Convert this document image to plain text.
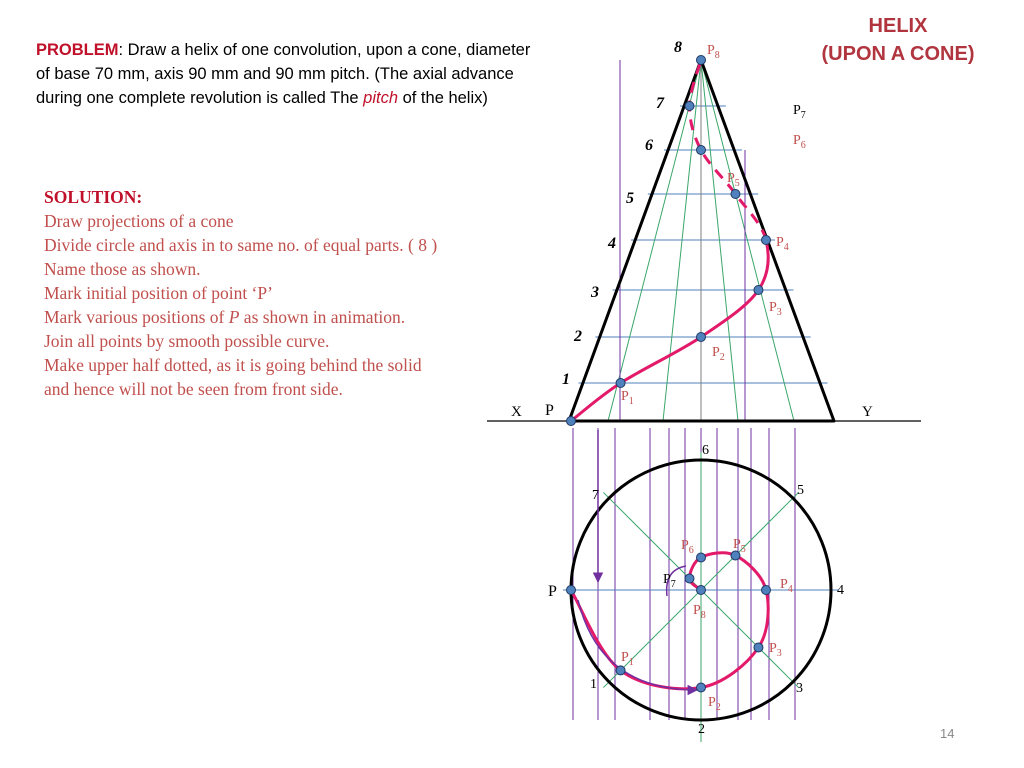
HELIX
(UPON A CONE)
PROBLEM: Draw a helix of one convolution, upon a cone, diameter of base 70 mm, axis 90 mm and 90 mm pitch. (The axial advance during one complete revolution is called The pitch of the helix)
SOLUTION:
Draw projections of a cone
Divide circle and axis in to same no. of equal parts. ( 8 )
Name those as shown.
Mark initial position of point ‘P’
Mark various positions of P as shown in animation.
Join all points by smooth possible curve.
Make upper half dotted, as it is going behind the solid
and hence will not be seen from front side.
X	Y
P
1
2
3
4
5
6
7
8
$P_1$
$P_2$
$P_3$
$P_4$
$P_5$
$P_6$
$P_7$
$P_8$
1
2
3
4
5
6
7
P
$P_1$
$P_2$
$P_3$
$P_4$
$P_5$
$P_6$
$P_7$
$P_8$
14
